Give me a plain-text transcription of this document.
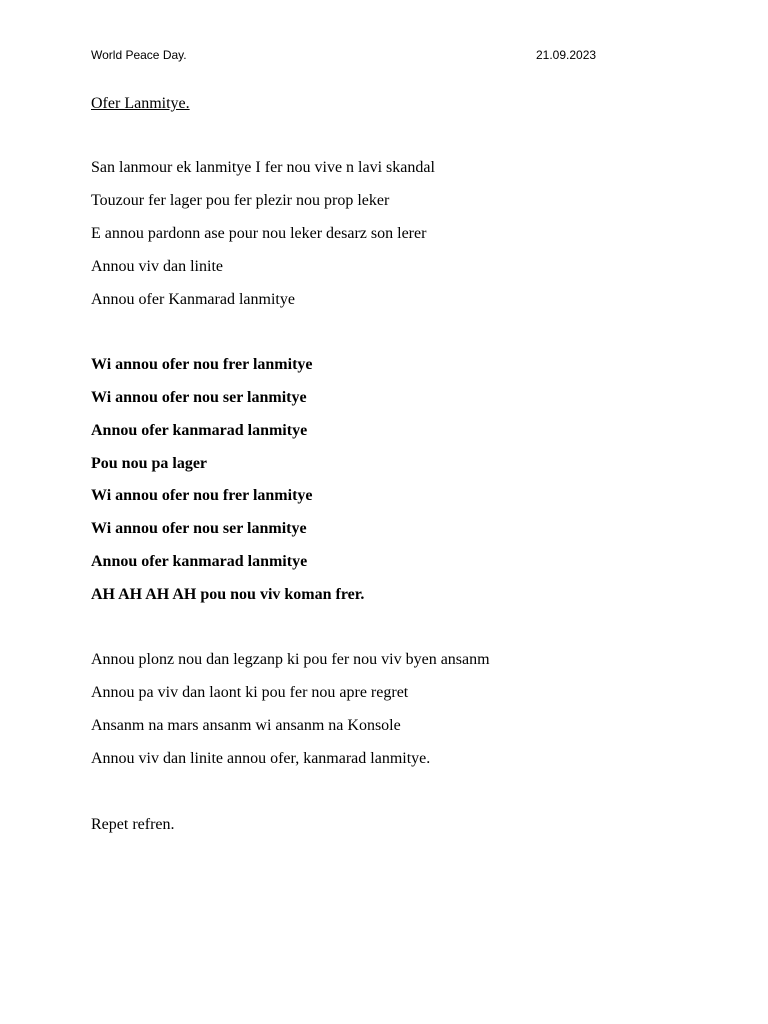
World Peace Day.	21.09.2023
Ofer Lanmitye.
San lanmour ek lanmitye I fer nou vive n lavi skandal
Touzour fer lager pou fer plezir nou prop leker
E annou pardonn ase pour nou leker desarz son lerer
Annou viv dan linite
Annou ofer Kanmarad lanmitye
Wi annou ofer nou frer lanmitye
Wi annou ofer nou ser lanmitye
Annou ofer kanmarad lanmitye
Pou nou pa lager
Wi annou ofer nou frer lanmitye
Wi annou ofer nou ser lanmitye
Annou ofer kanmarad lanmitye
AH AH AH AH pou nou viv koman frer.
Annou plonz nou dan legzanp ki pou fer nou viv byen ansanm
Annou pa viv dan laont ki pou fer nou apre regret
Ansanm na mars ansanm wi ansanm na Konsole
Annou viv dan linite annou ofer, kanmarad lanmitye.
Repet refren.
